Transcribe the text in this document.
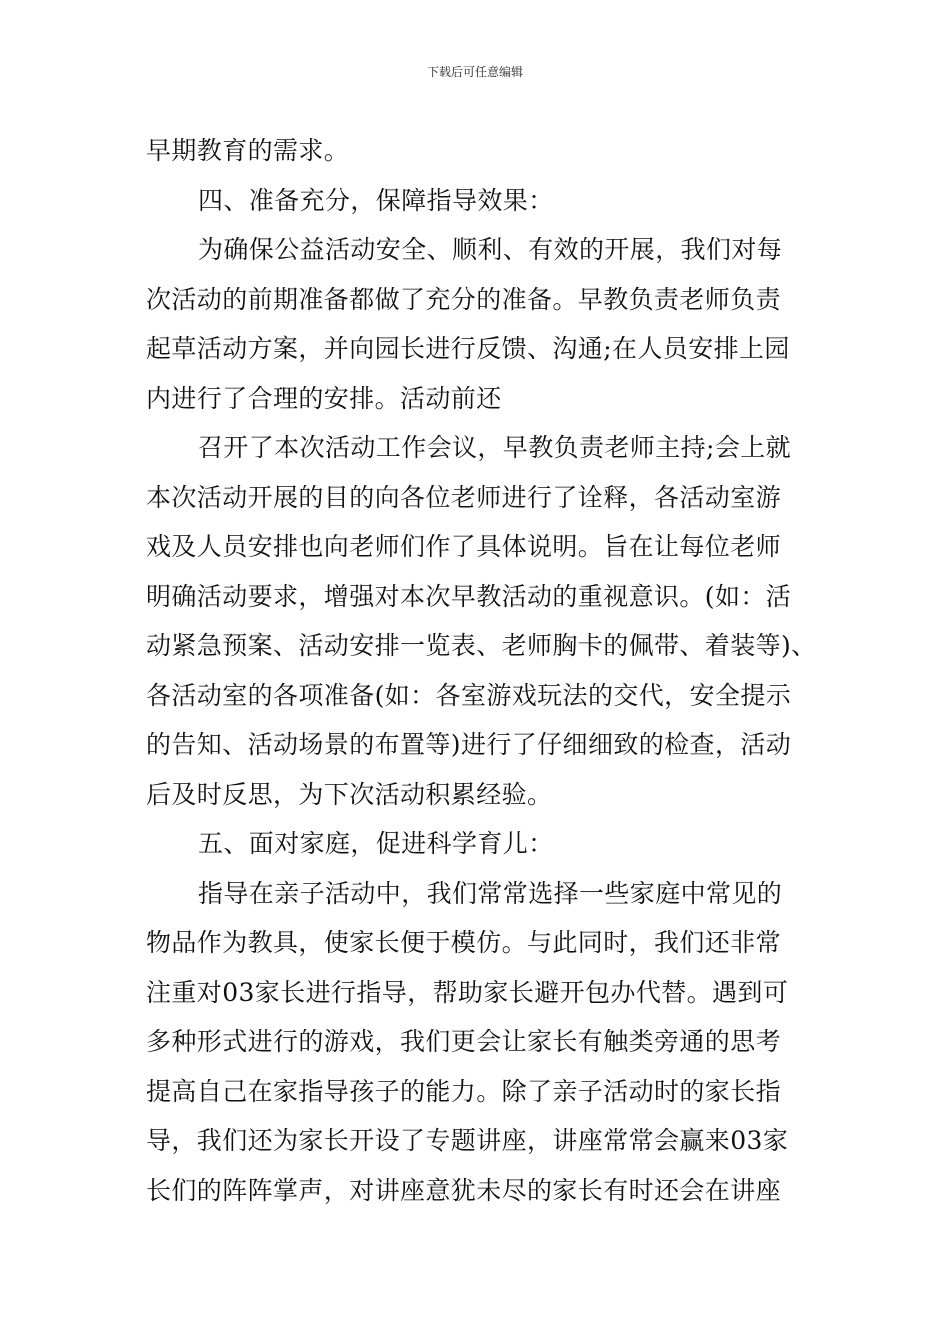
下载后可任意编辑
早期教育的需求。
四、准备充分，保障指导效果：
为确保公益活动安全、顺利、有效的开展，我们对每
次活动的前期准备都做了充分的准备。早教负责老师负责
起草活动方案，并向园长进行反馈、沟通;在人员安排上园
内进行了合理的安排。活动前还
召开了本次活动工作会议，早教负责老师主持;会上就
本次活动开展的目的向各位老师进行了诠释，各活动室游
戏及人员安排也向老师们作了具体说明。旨在让每位老师
明确活动要求，增强对本次早教活动的重视意识。(如：活
动紧急预案、活动安排一览表、老师胸卡的佩带、着装等)、
各活动室的各项准备(如：各室游戏玩法的交代，安全提示
的告知、活动场景的布置等)进行了仔细细致的检查，活动
后及时反思，为下次活动积累经验。
五、面对家庭，促进科学育儿：
指导在亲子活动中，我们常常选择一些家庭中常见的
物品作为教具，使家长便于模仿。与此同时，我们还非常
注重对03家长进行指导，帮助家长避开包办代替。遇到可
多种形式进行的游戏，我们更会让家长有触类旁通的思考
提高自己在家指导孩子的能力。除了亲子活动时的家长指
导，我们还为家长开设了专题讲座，讲座常常会赢来03家
长们的阵阵掌声，对讲座意犹未尽的家长有时还会在讲座
